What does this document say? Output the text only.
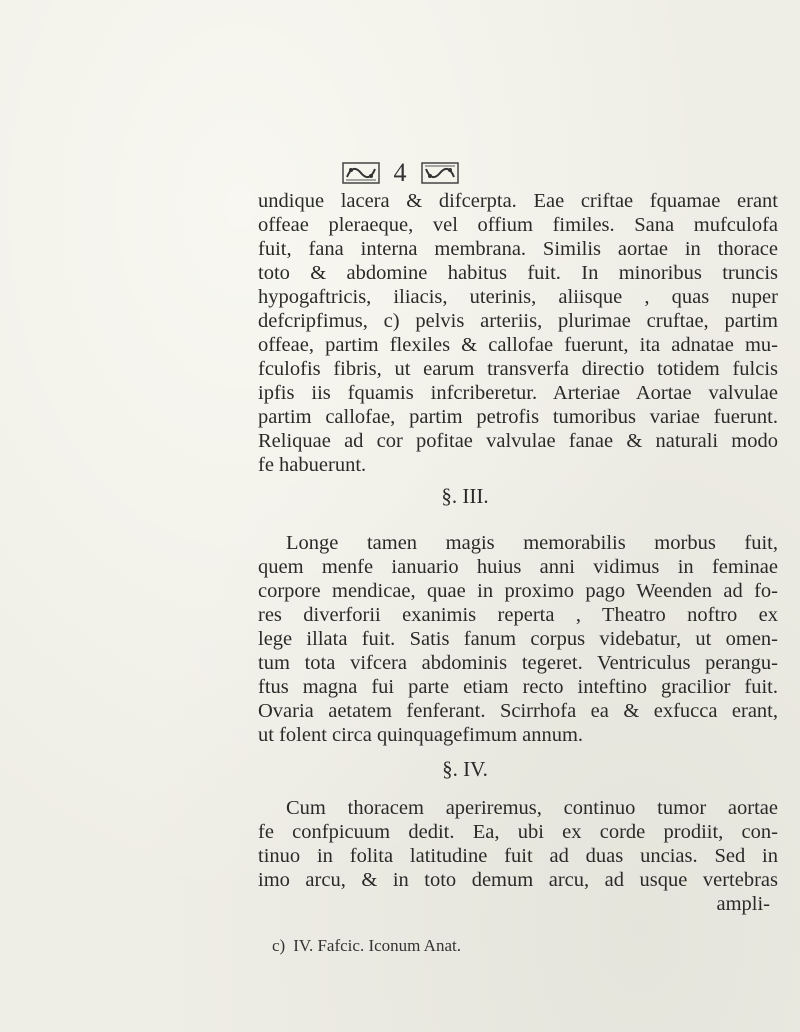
4
undique lacera & difcerpta. Eae criftae fquamae erant
offeae pleraeque, vel offium fimiles. Sana mufculofa
fuit, fana interna membrana. Similis aortae in thorace
toto & abdomine habitus fuit. In minoribus truncis
hypogaftricis, iliacis, uterinis, aliisque , quas nuper
defcripfimus, c) pelvis arteriis, plurimae cruftae, partim
offeae, partim flexiles & callofae fuerunt, ita adnatae mu-
fculofis fibris, ut earum transverfa directio totidem fulcis
ipfis iis fquamis infcriberetur. Arteriae Aortae valvulae
partim callofae, partim petrofis tumoribus variae fuerunt.
Reliquae ad cor pofitae valvulae fanae & naturali modo
fe habuerunt.
§. III.
Longe tamen magis memorabilis morbus fuit,
quem menfe ianuario huius anni vidimus in feminae
corpore mendicae, quae in proximo pago Weenden ad fo-
res diverforii exanimis reperta , Theatro noftro ex
lege illata fuit. Satis fanum corpus videbatur, ut omen-
tum tota vifcera abdominis tegeret. Ventriculus perangu-
ftus magna fui parte etiam recto inteftino gracilior fuit.
Ovaria aetatem fenferant. Scirrhofa ea & exfucca erant,
ut folent circa quinquagefimum annum.
§. IV.
Cum thoracem aperiremus, continuo tumor aortae
fe confpicuum dedit. Ea, ubi ex corde prodiit, con-
tinuo in folita latitudine fuit ad duas uncias. Sed in
imo arcu, & in toto demum arcu, ad usque vertebras
ampli-
c) IV. Fafcic. Iconum Anat.
